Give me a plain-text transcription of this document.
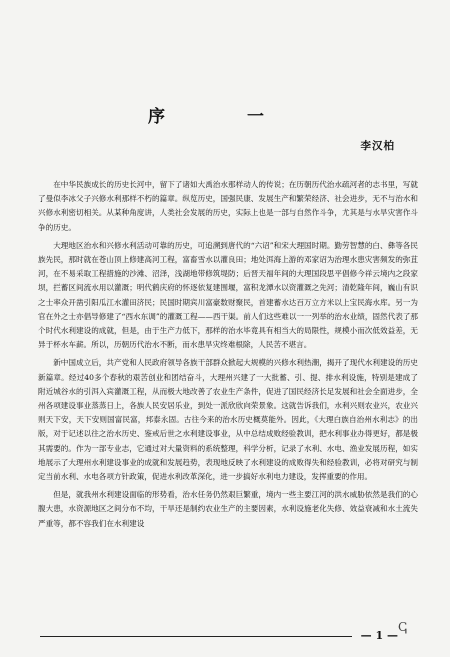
序 一
李汉柏

在中华民族成长的历史长河中，留下了诸如大禹治水那样动人的传说；在历朝历代治水疏河者的志书里，写就了曼似李冰父子兴修水利那样不朽的篇章。纵览历史，国强民康、发展生产和繁荣经济、社会进步，无不与治水和兴修水利密切相关。从某种角度讲，人类社会发展的历史，实际上也是一部与自然作斗争，尤其是与水旱灾害作斗争的历史。

大理地区治水和兴修水利活动可靠的历史，可追溯到唐代的“六诏”和宋大理国时期。勤劳智慧的白、彝等各民族先民，那时就在苍山顶上修建高河工程，富畜雪水以灌良田；地处洱海上游的邓家诏为治理水患灾害频发的弥苴河，在不易采取工程措施的沙滩、沼泽，浅湖地带修筑堤防；后晋天福年间的大理国段思平倡修今祥云境内之段家坝，拦蓄区间流水用以灌溉；明代鹤庆府的怀逐依复建围堰，富积龙潭水以资灌溉之先河；清乾隆年间，巍山有识之士率众开凿引阳瓜江水灌田济民；民国时期宾川富豪数财聚民，首建蓄水达百万立方米以上宝民海水库。另一为官在外之士亦倡导修建了“西水东调”的灌溉工程——西干渠。前人们这些难以一一列举的治水业绩，固然代表了那个时代水利建设的成就，但是，由于生产力低下，那样的治水毕竟具有相当大的局限性，规模小而次低效益差，无异于杯水车薪。所以，历朝历代治水不断，而水患旱灾终难根除，人民苦不堪言。

新中国成立后，共产党和人民政府领导各族干部群众掀起大规模的兴修水利热潮，揭开了现代水利建设的历史新篇章。经过40多个春秋的艰苦创业和团结奋斗，大理州兴建了一大批蓄、引、提、排水利设施，特别是建成了附近城谷水的引洱入宾灌溉工程，从而极大地改善了农业生产条件，促进了国民经济长足发展和社会全面进步，全州各项建设事业蒸蒸日上，各族人民安居乐业，到处一派欣欣向荣景象。这就告诉我们，水利兴则农业兴，农业兴则天下安，天下安则国富民富，邦泰永固。古往今来的治水历史概莫能外。因此，《大理白族自治州水利志》的出版，对于记述以往之治水历史、鉴戒后世之水利建设事业，从中总结成败经验教训，把水利事业办得更好，都是极其需要的。作为一部专业志，它通过对大量资料的系统整理，科学分析，记录了水利、水电、渔业发展历程，如实地展示了大理州水利建设事业的成就和发展趋势，表现地反映了水利建设的成败得失和经验教训，必将对研究与制定当前水利、水电各项方针政策，促进水利改革深化，进一步搞好水利电力建设，发挥重要的作用。

但是，就我州水利建设面临的形势看，治水任务仍然艰巨繁重，境内一些主要江河的洪水威胁依然是我们的心腹大患，水资源地区之间分布不均，干旱还是制约农业生产的主要因素，水利设施老化失修、效益衰减和水土流失严重等，都不容我们在水利建设

— 1 —
ↅ
